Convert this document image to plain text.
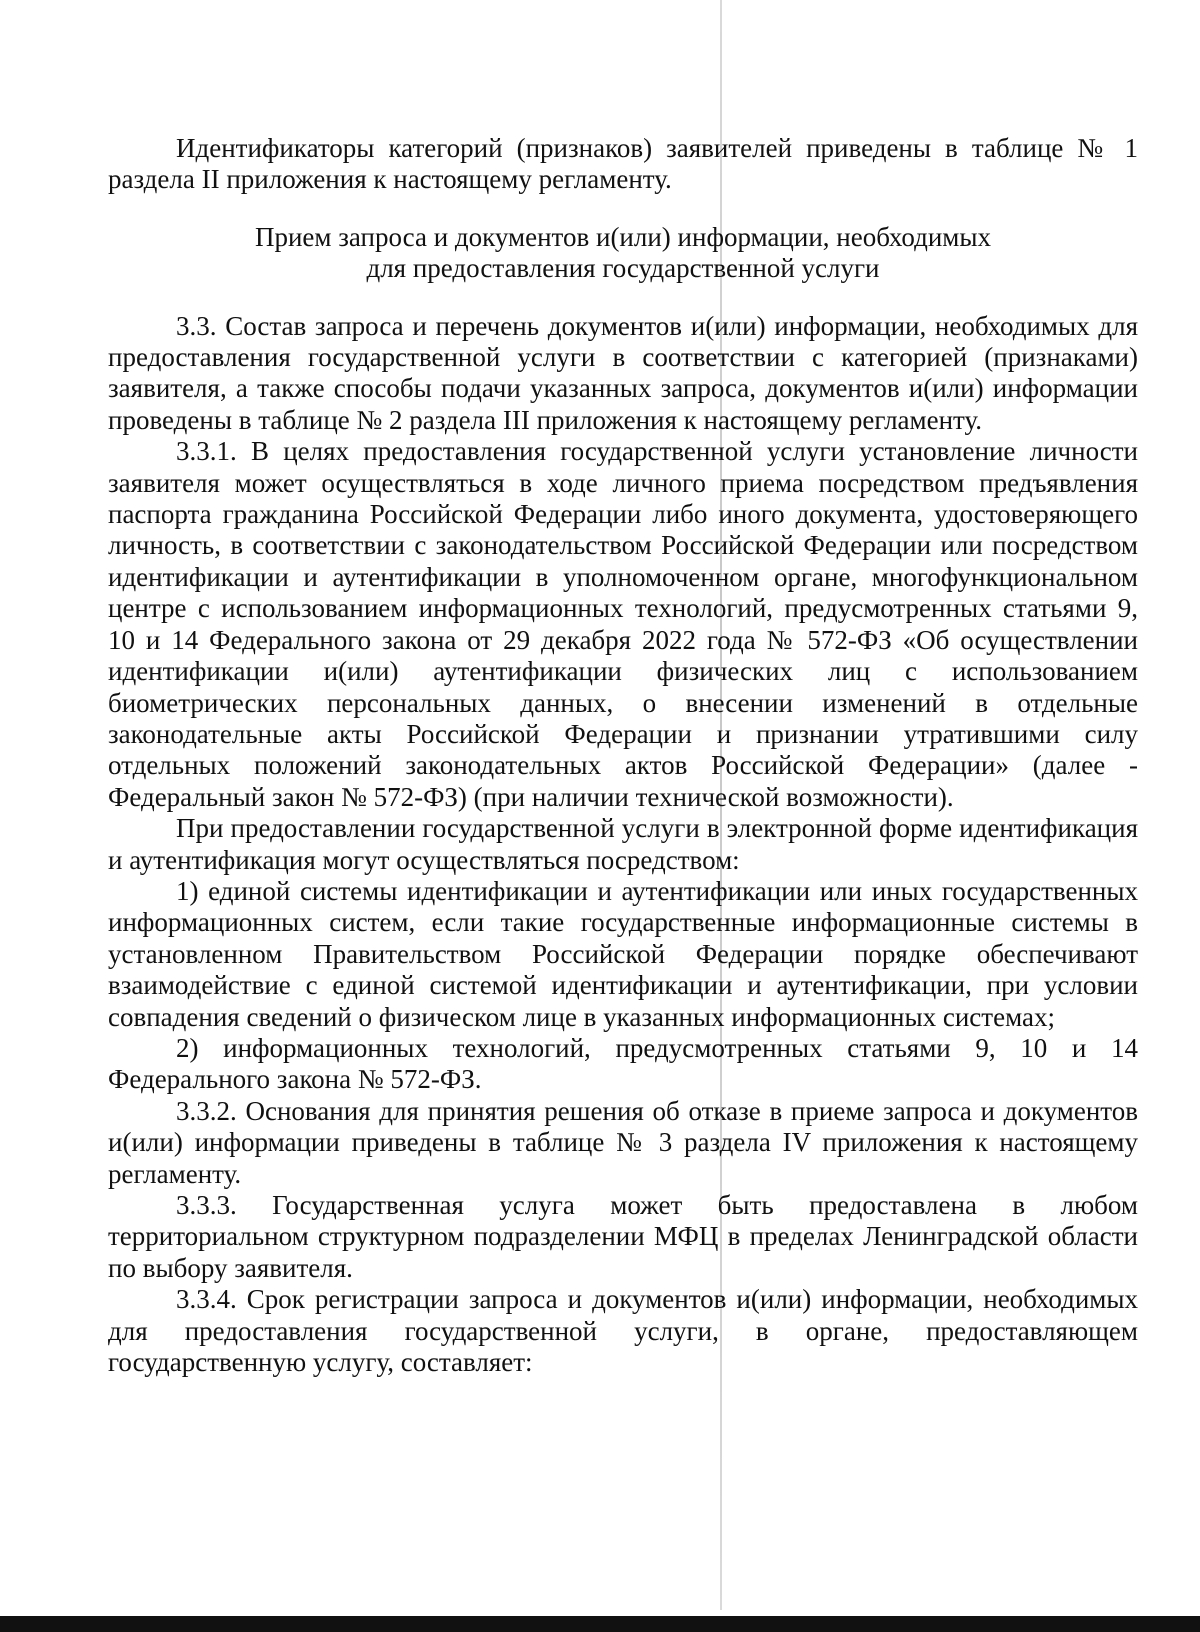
Идентификаторы категорий (признаков) заявителей приведены в таблице № 1 раздела II приложения к настоящему регламенту.

Прием запроса и документов и(или) информации, необходимых

для предоставления государственной услуги

3.3. Состав запроса и перечень документов и(или) информации, необходимых для предоставления государственной услуги в соответствии с категорией (признаками) заявителя, а также способы подачи указанных запроса, документов и(или) информации проведены в таблице № 2 раздела III приложения к настоящему регламенту.

3.3.1. В целях предоставления государственной услуги установление личности заявителя может осуществляться в ходе личного приема посредством предъявления паспорта гражданина Российской Федерации либо иного документа, удостоверяющего личность, в соответствии с законодательством Российской Федерации или посредством идентификации и аутентификации в уполномоченном органе, многофункциональном центре с использованием информационных технологий, предусмотренных статьями 9, 10 и 14 Федерального закона от 29 декабря 2022 года № 572-ФЗ «Об осуществлении идентификации и(или) аутентификации физических лиц с использованием биометрических персональных данных, о внесении изменений в отдельные законодательные акты Российской Федерации и признании утратившими силу отдельных положений законодательных актов Российской Федерации» (далее - Федеральный закон № 572-ФЗ) (при наличии технической возможности).

При предоставлении государственной услуги в электронной форме идентификация и аутентификация могут осуществляться посредством:

1) единой системы идентификации и аутентификации или иных государственных информационных систем, если такие государственные информационные системы в установленном Правительством Российской Федерации порядке обеспечивают взаимодействие с единой системой идентификации и аутентификации, при условии совпадения сведений о физическом лице в указанных информационных системах;

2) информационных технологий, предусмотренных статьями 9, 10 и 14 Федерального закона № 572-ФЗ.

3.3.2. Основания для принятия решения об отказе в приеме запроса и документов и(или) информации приведены в таблице № 3 раздела IV приложения к настоящему регламенту.

3.3.3. Государственная услуга может быть предоставлена в любом территориальном структурном подразделении МФЦ в пределах Ленинградской области по выбору заявителя.

3.3.4. Срок регистрации запроса и документов и(или) информации, необходимых для предоставления государственной услуги, в органе, предоставляющем государственную услугу, составляет:
